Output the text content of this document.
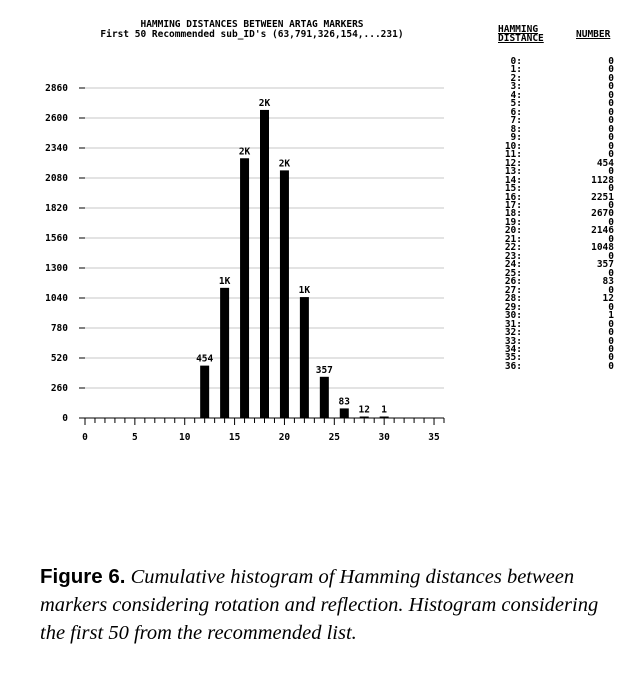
HAMMING DISTANCES BETWEEN ARTAG MARKERS
First 50 Recommended sub_ID's (63,791,326,154,...231)
0
260
520
780
1040
1300
1560
1820
2080
2340
2600
2860
0	5	10	15	20	25	30	35
454
1K
2K
2K
2K
1K
357
83
12 1
HAMMING
DISTANCE	NUMBER
0:	0
1:	0
2:	0
3:	0
4:	0
5:	0
6:	0
7:	0
8:	0
9:	0
10:	0
11:	0
12:	454
13:	0
14:	1128
15:	0
16:	2251
17:	0
18:	2670
19:	0
20:	2146
21:	0
22:	1048
23:	0
24:	357
25:	0
26:	83
27:	0
28:	12
29:	0
30:	1
31:	0
32:	0
33:	0
34:	0
35:	0
36:	0
Figure 6. Cumulative histogram of Hamming distances between markers considering rotation and reflection. Histogram considering the first 50 from the recommended list.
